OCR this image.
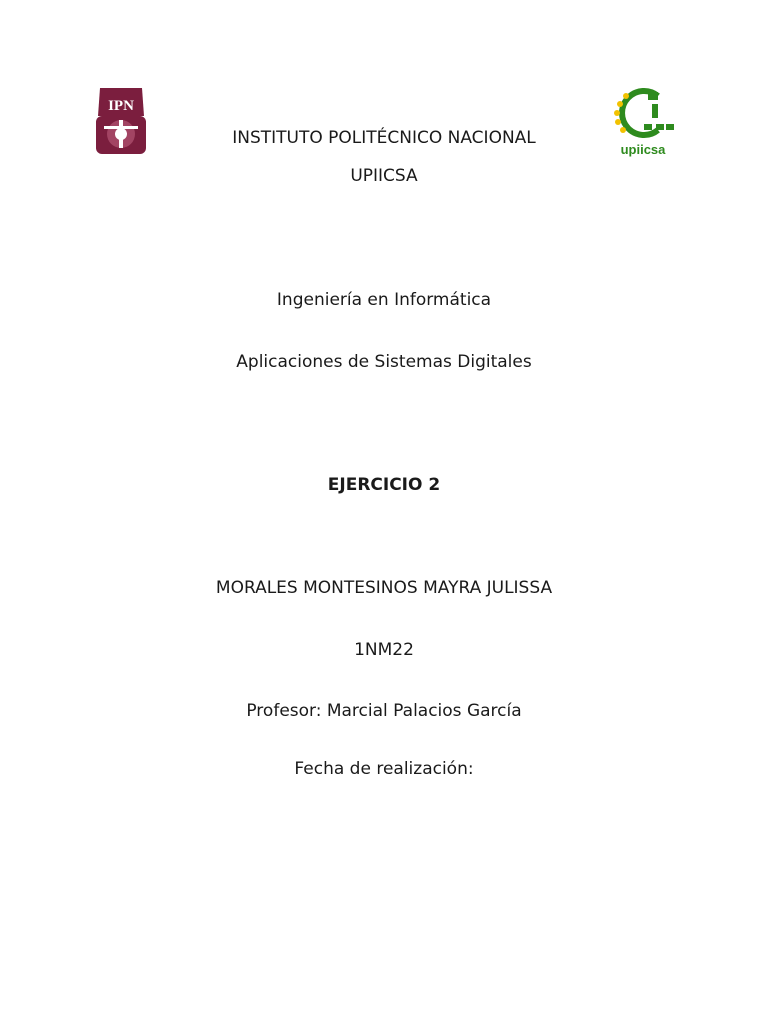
IPN
upiicsa
INSTITUTO POLITÉCNICO NACIONAL
UPIICSA
Ingeniería en Informática
Aplicaciones de Sistemas Digitales
EJERCICIO 2
MORALES MONTESINOS MAYRA JULISSA
1NM22
Profesor: Marcial Palacios García
Fecha de realización:
